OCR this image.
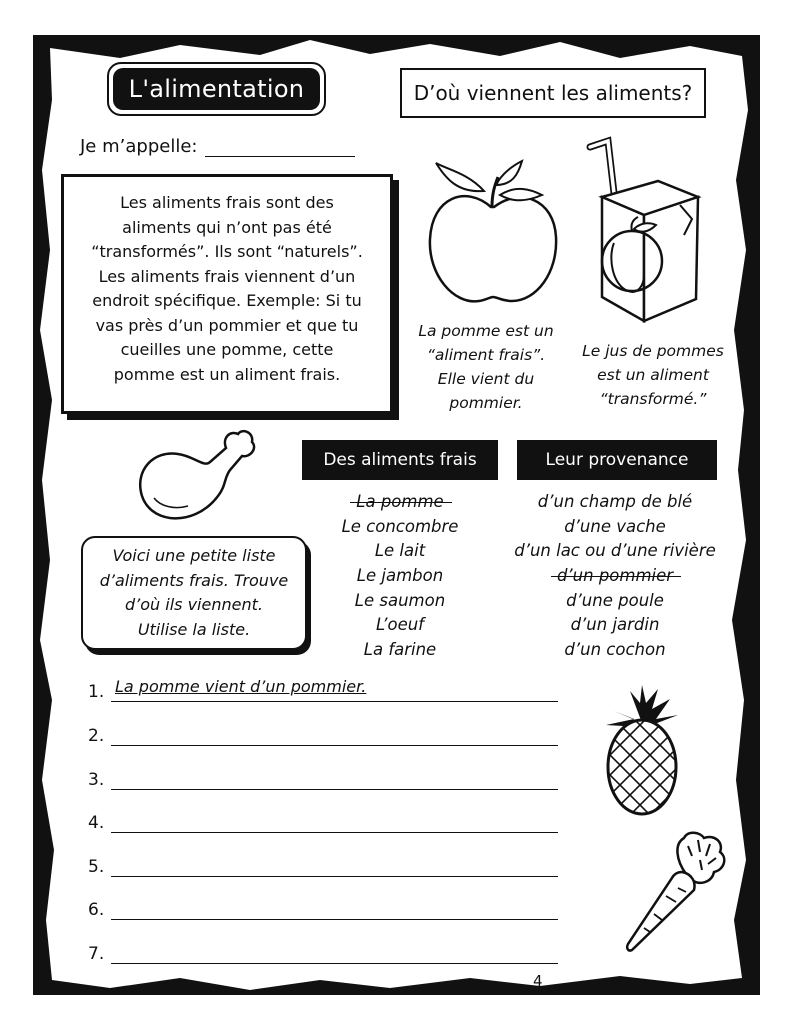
L'alimentation	D’où viennent les aliments?
Je m’appelle:
Les aliments frais sont des aliments qui n’ont pas été “transformés”. Ils sont “naturels”. Les aliments frais viennent d’un endroit spécifique. Exemple: Si tu vas près d’un pommier et que tu cueilles une pomme, cette pomme est un aliment frais.
La pomme est un
“aliment frais”.
Elle vient du
pommier.
Le jus de pommes
est un aliment
“transformé.”
Des aliments frais	Leur provenance
La pomme
Le concombre
Le lait
Le jambon
Le saumon
L’oeuf
La farine
d’un champ de blé
d’une vache
d’un lac ou d’une rivière
d’un pommier
d’une poule
d’un jardin
d’un cochon
Voici une petite liste
d’aliments frais. Trouve
d’où ils viennent.
Utilise la liste.
1. La pomme vient d’un pommier.
2.
3.
4.
5.
6.
7.
4
